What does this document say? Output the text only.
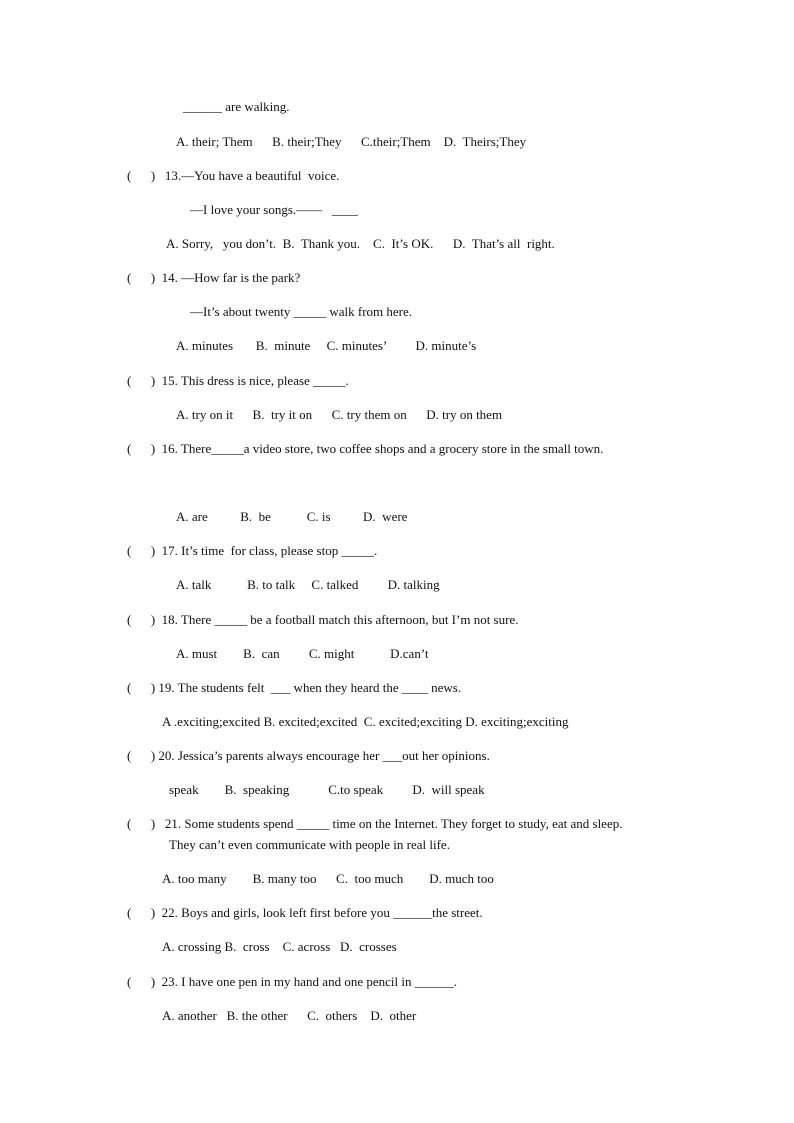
______ are walking.
A. their; Them      B. their;They      C.their;Them    D.  Theirs;They
(      )   13.—You have a beautiful  voice.
—I love your songs.——   ____
A. Sorry,   you don’t.  B.  Thank you.    C.  It’s OK.      D.  That’s all  right.
(      )  14. —How far is the park?
—It’s about twenty _____ walk from here.
A. minutes       B.  minute     C. minutes’         D. minute’s
(      )  15. This dress is nice, please _____.
A. try on it      B.  try it on      C. try them on      D. try on them
(      )  16. There_____a video store, two coffee shops and a grocery store in the small town.
A. are          B.  be           C. is          D.  were
(      )  17. It’s time  for class, please stop _____.
A. talk           B. to talk     C. talked         D. talking
(      )  18. There _____ be a football match this afternoon, but I’m not sure.
A. must        B.  can         C. might           D.can’t
(      ) 19. The students felt  ___ when they heard the ____ news.
A .exciting;excited B. excited;excited  C. excited;exciting D. exciting;exciting
(      ) 20. Jessica’s parents always encourage her ___out her opinions.
speak        B.  speaking            C.to speak         D.  will speak
(      )   21. Some students spend _____ time on the Internet. They forget to study, eat and sleep.
They can’t even communicate with people in real life.
A. too many        B. many too      C.  too much        D. much too
(      )  22. Boys and girls, look left first before you ______the street.
A. crossing B.  cross    C. across   D.  crosses
(      )  23. I have one pen in my hand and one pencil in ______.
A. another   B. the other      C.  others    D.  other
